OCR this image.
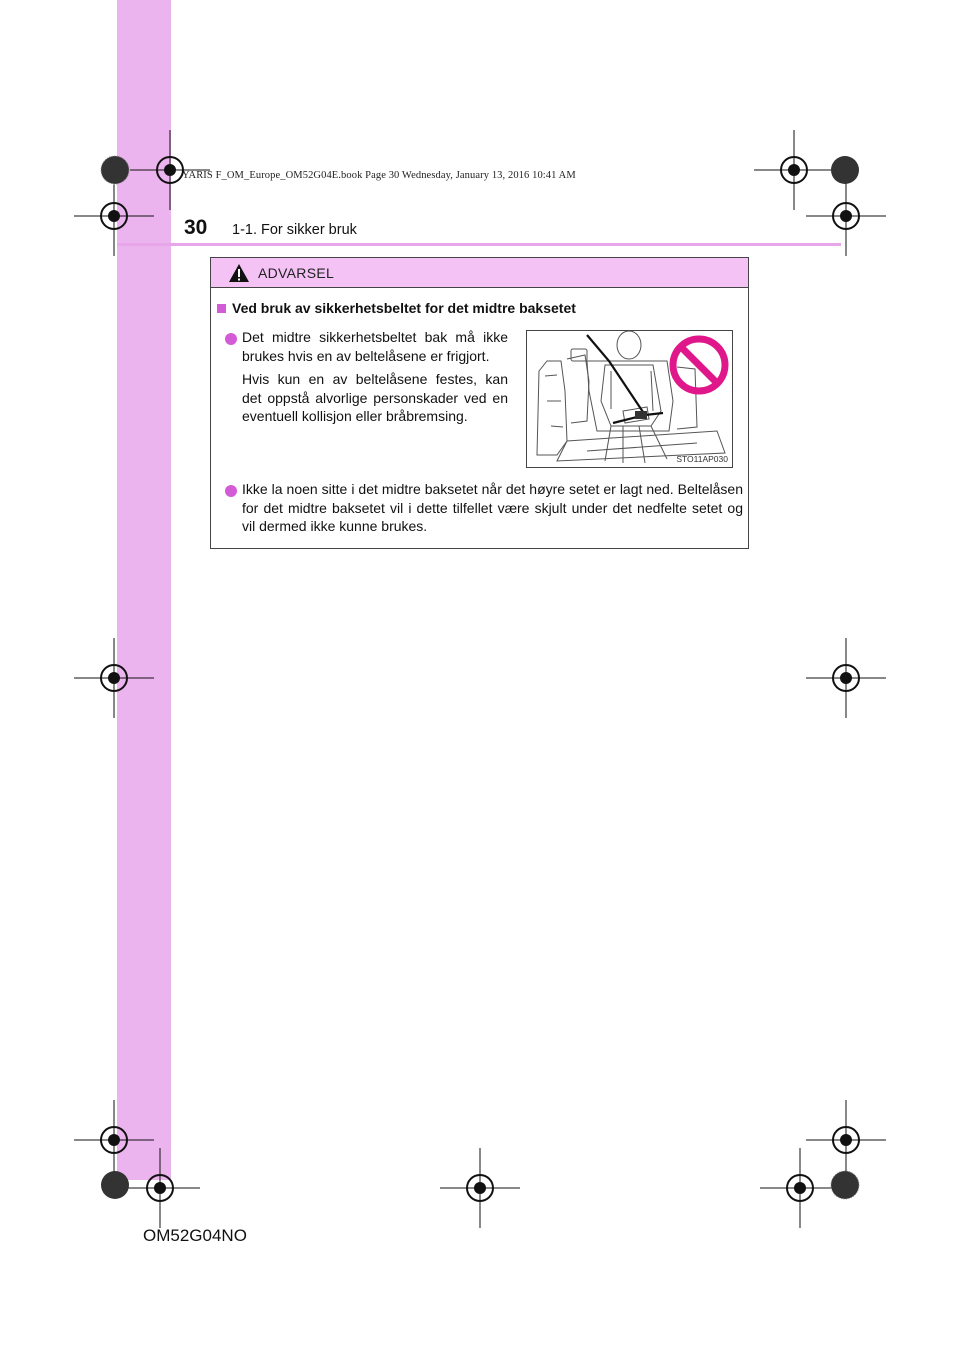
YARIS F_OM_Europe_OM52G04E.book Page 30 Wednesday, January 13, 2016 10:41 AM
30 1-1. For sikker bruk
ADVARSEL
Ved bruk av sikkerhetsbeltet for det midtre baksetet
Det midtre sikkerhetsbeltet bak må ikke
brukes hvis en av beltelåsene er frigjort.
Hvis kun en av beltelåsene festes, kan
det oppstå alvorlige personskader ved en
eventuell kollisjon eller bråbremsing.
STO11AP030
Ikke la noen sitte i det midtre baksetet når det høyre setet er lagt ned. Beltelåsen for det midtre baksetet vil i dette tilfellet være skjult under det nedfelte setet og vil dermed ikke kunne brukes.
OM52G04NO
